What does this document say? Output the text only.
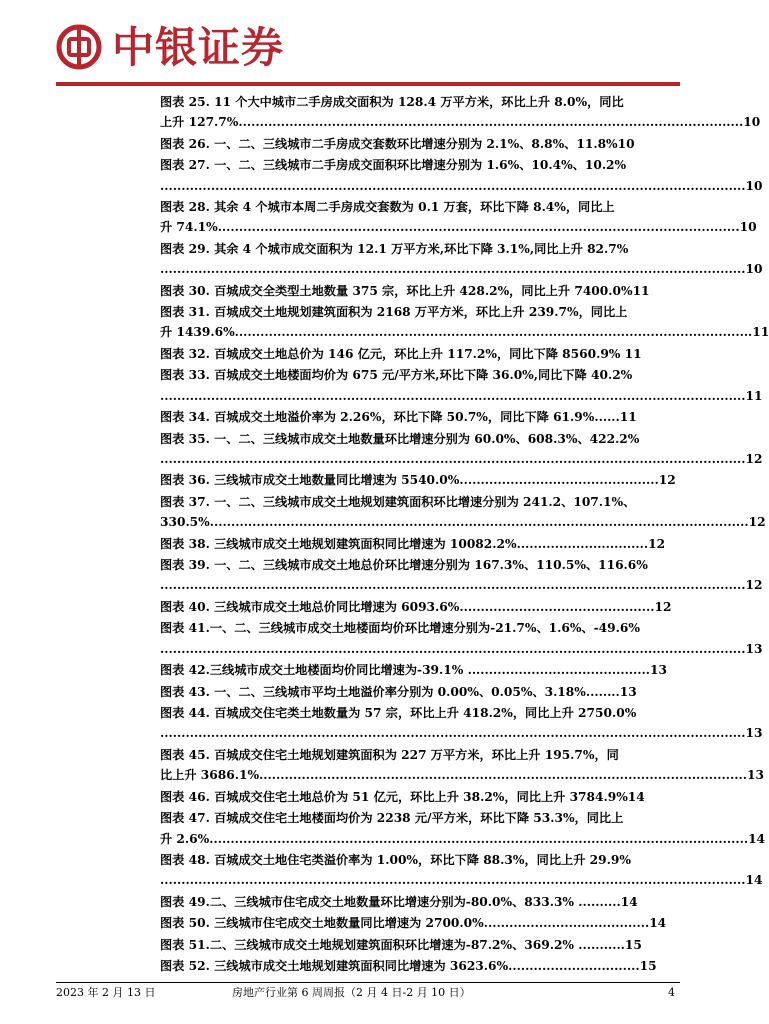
中银证券
图表 25. 11 个大中城市二手房成交面积为 128.4 万平方米，环比上升 8.0%，同比
上升 127.7%.......................................................................................................................10
图表 26. 一、二、三线城市二手房成交套数环比增速分别为 2.1%、8.8%、11.8%10
图表 27. 一、二、三线城市二手房成交面积环比增速分别为 1.6%、10.4%、10.2%
..........................................................................................................................................10
图表 28. 其余 4 个城市本周二手房成交套数为 0.1 万套，环比下降 8.4%，同比上
升 74.1%...........................................................................................................................10
图表 29. 其余 4 个城市成交面积为 12.1 万平方米,环比下降 3.1%,同比上升 82.7%
..........................................................................................................................................10
图表 30. 百城成交全类型土地数量 375 宗，环比上升 428.2%，同比上升 7400.0%11
图表 31. 百城成交土地规划建筑面积为 2168 万平方米，环比上升 239.7%，同比上
升 1439.6%..........................................................................................................................11
图表 32. 百城成交土地总价为 146 亿元，环比上升 117.2%，同比下降 8560.9% 11
图表 33. 百城成交土地楼面均价为 675 元/平方米,环比下降 36.0%,同比下降 40.2%
..........................................................................................................................................11
图表 34. 百城成交土地溢价率为 2.26%，环比下降 50.7%，同比下降 61.9%......11
图表 35. 一、二、三线城市成交土地数量环比增速分别为 60.0%、608.3%、422.2%
..........................................................................................................................................12
图表 36. 三线城市成交土地数量同比增速为 5540.0%...............................................12
图表 37. 一、二、三线城市成交土地规划建筑面积环比增速分别为 241.2、107.1%、
330.5%...............................................................................................................................12
图表 38. 三线城市成交土地规划建筑面积同比增速为 10082.2%...............................12
图表 39. 一、二、三线城市成交土地总价环比增速分别为 167.3%、110.5%、116.6%
..........................................................................................................................................12
图表 40. 三线城市成交土地总价同比增速为 6093.6%..............................................12
图表 41.一、二、三线城市成交土地楼面均价环比增速分别为-21.7%、1.6%、-49.6%
..........................................................................................................................................13
图表 42.三线城市成交土地楼面均价同比增速为-39.1% ...........................................13
图表 43. 一、二、三线城市平均土地溢价率分别为 0.00%、0.05%、3.18%........13
图表 44. 百城成交住宅类土地数量为 57 宗，环比上升 418.2%，同比上升 2750.0%
..........................................................................................................................................13
图表 45. 百城成交住宅土地规划建筑面积为 227 万平方米，环比上升 195.7%，同
比上升 3686.1%...................................................................................................................13
图表 46. 百城成交住宅土地总价为 51 亿元，环比上升 38.2%，同比上升 3784.9%14
图表 47. 百城成交住宅土地楼面均价为 2238 元/平方米，环比下降 53.3%，同比上
升 2.6%...............................................................................................................................14
图表 48. 百城成交土地住宅类溢价率为 1.00%，环比下降 88.3%，同比上升 29.9%
..........................................................................................................................................14
图表 49.二、三线城市住宅成交土地数量环比增速分别为-80.0%、833.3% ..........14
图表 50. 三线城市住宅成交土地数量同比增速为 2700.0%.......................................14
图表 51.二、三线城市成交土地规划建筑面积环比增速为-87.2%、369.2% ...........15
图表 52. 三线城市成交土地规划建筑面积同比增速为 3623.6%...............................15
2023 年 2 月 13 日	房地产行业第 6 周周报（2 月 4 日-2 月 10 日）	4
